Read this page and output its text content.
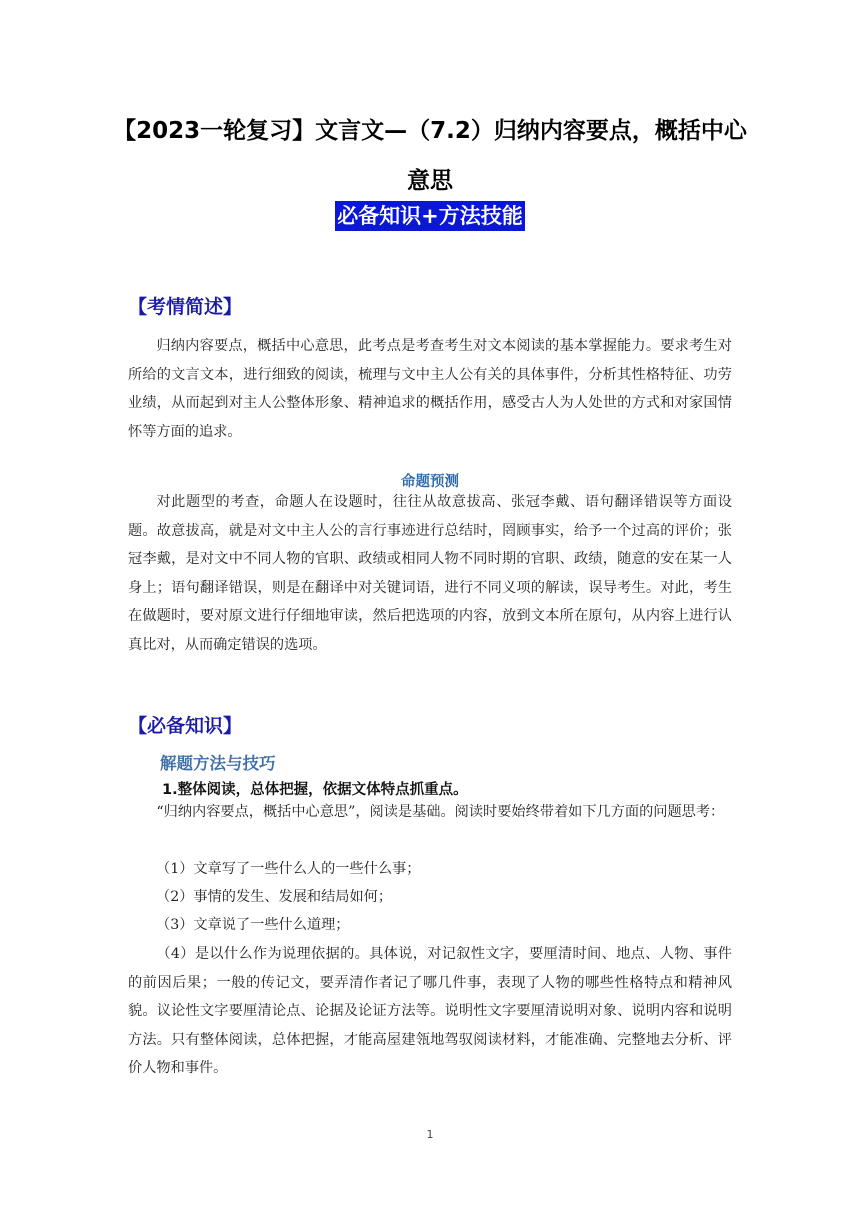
【2023一轮复习】文言文—（7.2）归纳内容要点，概括中心意思
必备知识+方法技能
【考情简述】

归纳内容要点，概括中心意思，此考点是考查考生对文本阅读的基本掌握能力。要求考生对所给的文言文本，进行细致的阅读，梳理与文中主人公有关的具体事件，分析其性格特征、功劳业绩，从而起到对主人公整体形象、精神追求的概括作用，感受古人为人处世的方式和对家国情怀等方面的追求。

命题预测

对此题型的考查，命题人在设题时，往往从故意拔高、张冠李戴、语句翻译错误等方面设题。故意拔高，就是对文中主人公的言行事迹进行总结时，罔顾事实，给予一个过高的评价；张冠李戴，是对文中不同人物的官职、政绩或相同人物不同时期的官职、政绩，随意的安在某一人身上；语句翻译错误，则是在翻译中对关键词语，进行不同义项的解读，误导考生。对此，考生在做题时，要对原文进行仔细地审读，然后把选项的内容，放到文本所在原句，从内容上进行认真比对，从而确定错误的选项。

【必备知识】
解题方法与技巧
1.整体阅读，总体把握，依据文体特点抓重点。

“归纳内容要点，概括中心意思”，阅读是基础。阅读时要始终带着如下几方面的问题思考：

（1）文章写了一些什么人的一些什么事；
（2）事情的发生、发展和结局如何；
（3）文章说了一些什么道理；

（4）是以什么作为说理依据的。具体说，对记叙性文字，要厘清时间、地点、人物、事件的前因后果；一般的传记文，要弄清作者记了哪几件事，表现了人物的哪些性格特点和精神风貌。议论性文字要厘清论点、论据及论证方法等。说明性文字要厘清说明对象、说明内容和说明方法。只有整体阅读，总体把握，才能高屋建瓴地驾驭阅读材料，才能准确、完整地去分析、评价人物和事件。

1
